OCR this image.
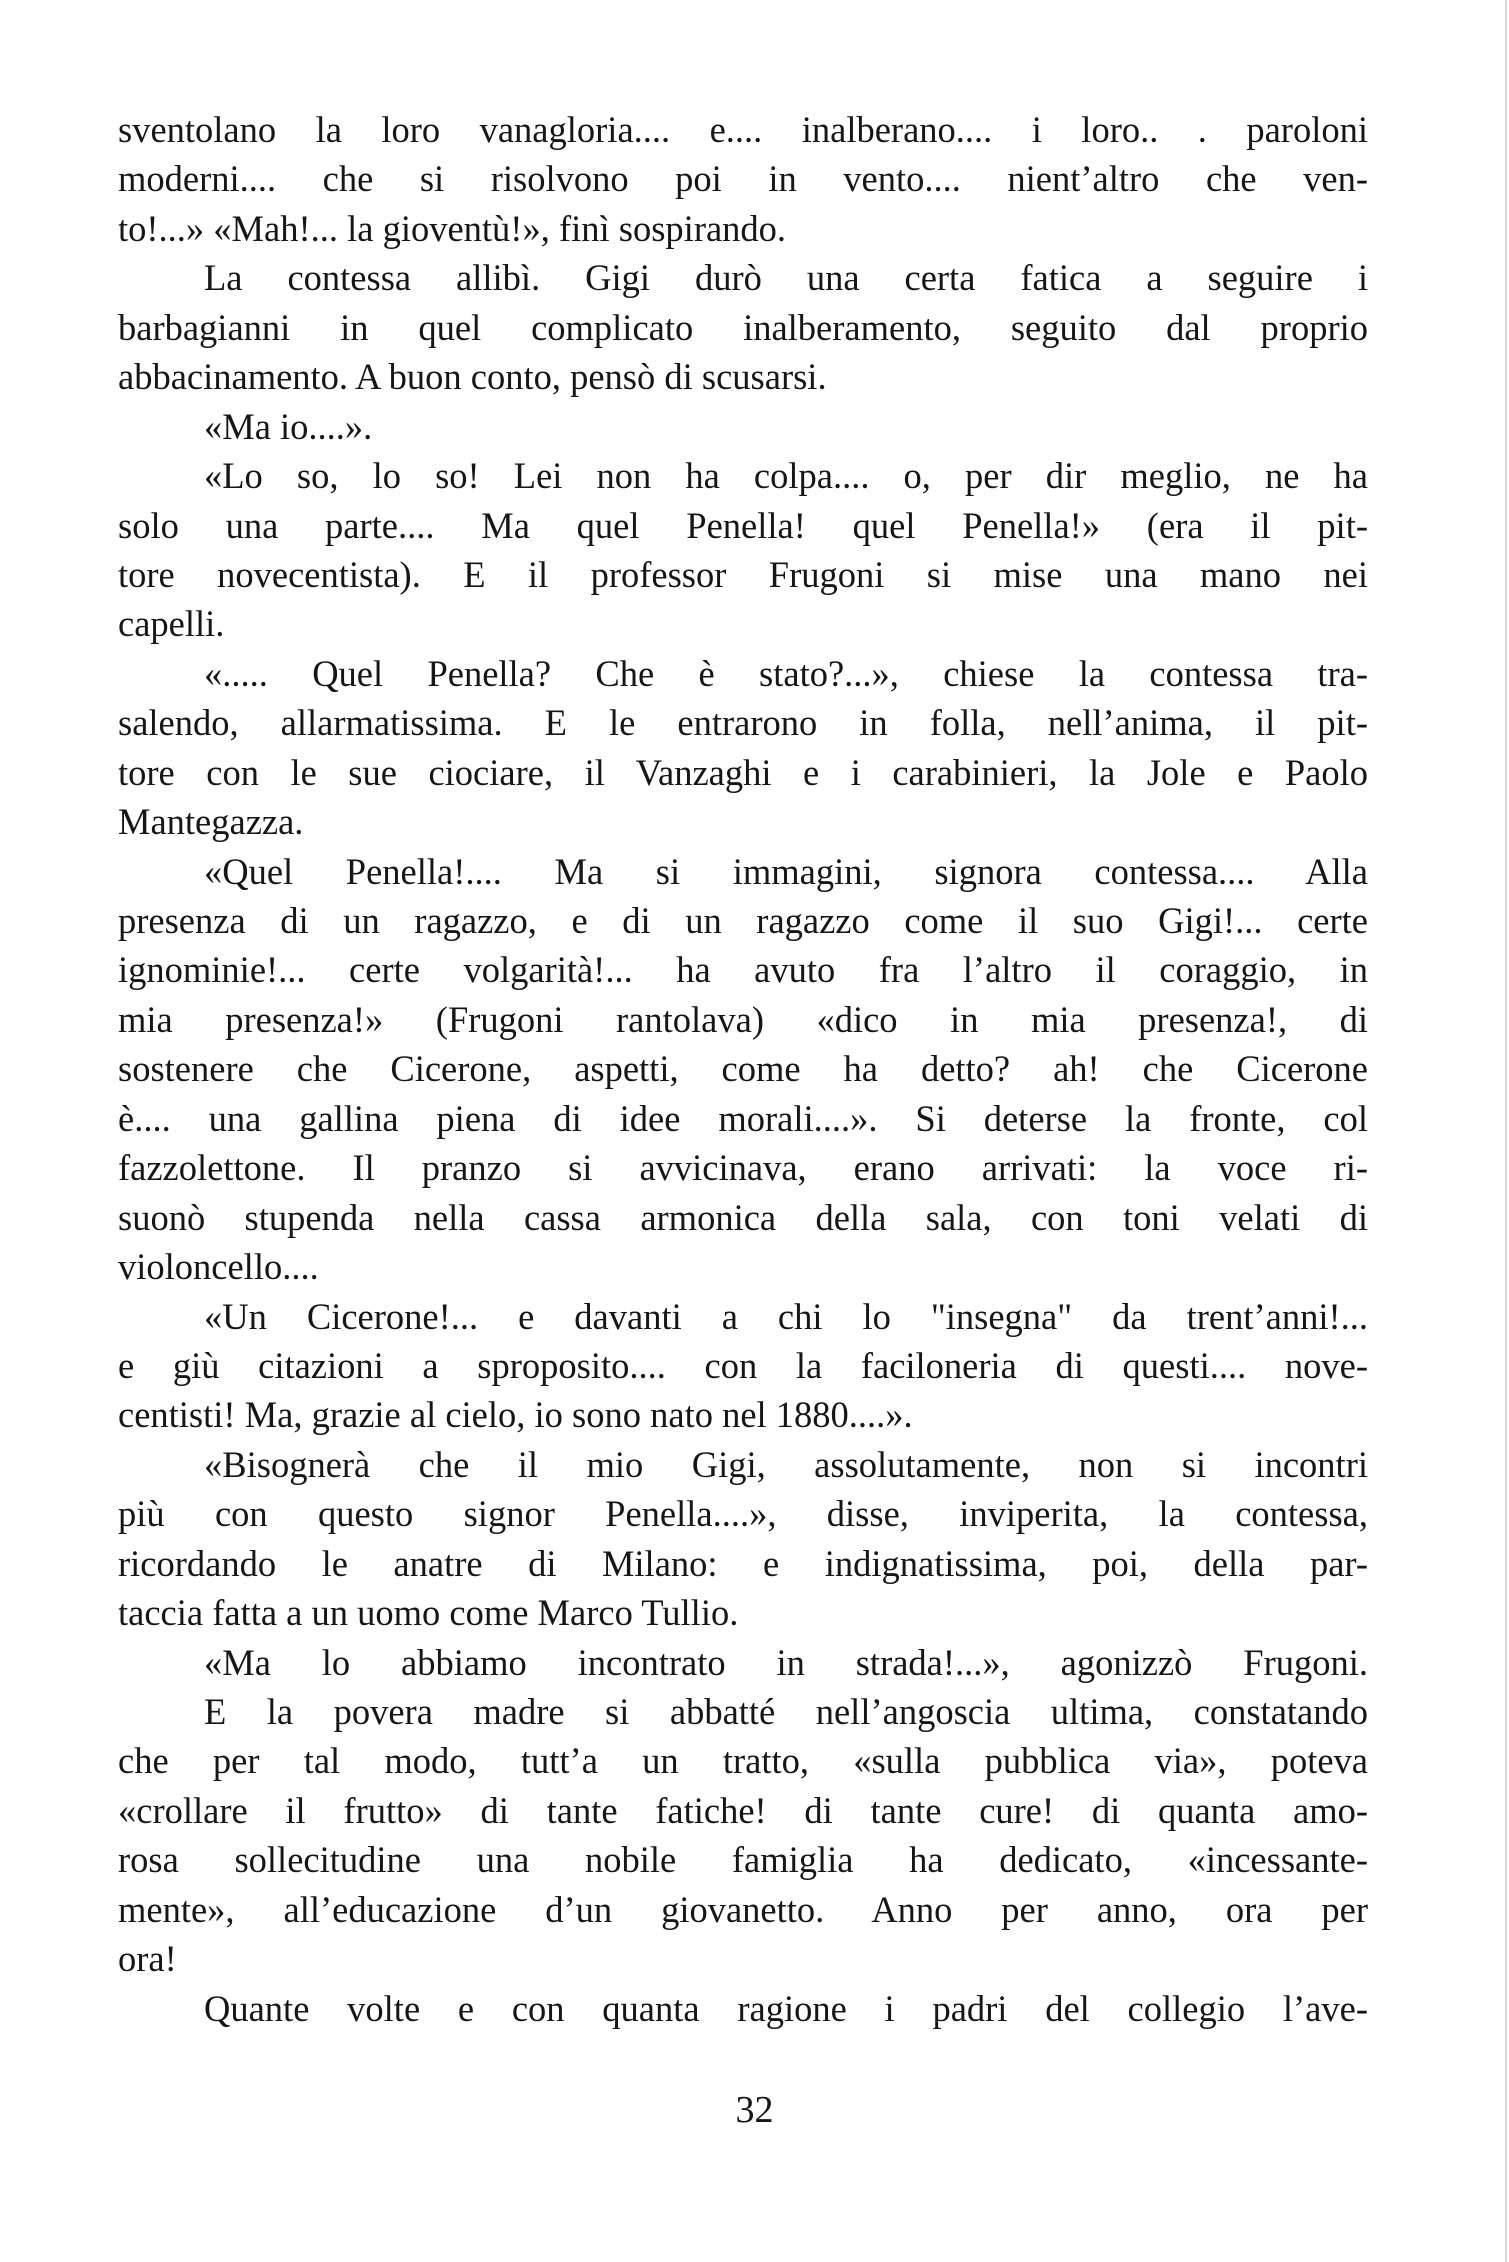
sventolano la loro vanagloria.... e.... inalberano.... i loro.. . paroloni
moderni.... che si risolvono poi in vento.... nient’altro che ven-
to!...» «Mah!... la gioventù!», finì sospirando.
La contessa allibì. Gigi durò una certa fatica a seguire i
barbagianni in quel complicato inalberamento, seguito dal proprio
abbacinamento. A buon conto, pensò di scusarsi.
«Ma io....».
«Lo so, lo so! Lei non ha colpa.... o, per dir meglio, ne ha
solo una parte.... Ma quel Penella! quel Penella!» (era il pit-
tore novecentista). E il professor Frugoni si mise una mano nei
capelli.
«..... Quel Penella? Che è stato?...», chiese la contessa tra-
salendo, allarmatissima. E le entrarono in folla, nell’anima, il pit-
tore con le sue ciociare, il Vanzaghi e i carabinieri, la Jole e Paolo
Mantegazza.
«Quel Penella!.... Ma si immagini, signora contessa.... Alla
presenza di un ragazzo, e di un ragazzo come il suo Gigi!... certe
ignominie!... certe volgarità!... ha avuto fra l’altro il coraggio, in
mia presenza!» (Frugoni rantolava) «dico in mia presenza!, di
sostenere che Cicerone, aspetti, come ha detto? ah! che Cicerone
è.... una gallina piena di idee morali....». Si deterse la fronte, col
fazzolettone. Il pranzo si avvicinava, erano arrivati: la voce ri-
suonò stupenda nella cassa armonica della sala, con toni velati di
violoncello....
«Un Cicerone!... e davanti a chi lo "insegna" da trent’anni!...
e giù citazioni a sproposito.... con la faciloneria di questi.... nove-
centisti! Ma, grazie al cielo, io sono nato nel 1880....».
«Bisognerà che il mio Gigi, assolutamente, non si incontri
più con questo signor Penella....», disse, inviperita, la contessa,
ricordando le anatre di Milano: e indignatissima, poi, della par-
taccia fatta a un uomo come Marco Tullio.
«Ma lo abbiamo incontrato in strada!...», agonizzò Frugoni.
E la povera madre si abbatté nell’angoscia ultima, constatando
che per tal modo, tutt’a un tratto, «sulla pubblica via», poteva
«crollare il frutto» di tante fatiche! di tante cure! di quanta amo-
rosa sollecitudine una nobile famiglia ha dedicato, «incessante-
mente», all’educazione d’un giovanetto. Anno per anno, ora per
ora!
Quante volte e con quanta ragione i padri del collegio l’ave-
32
